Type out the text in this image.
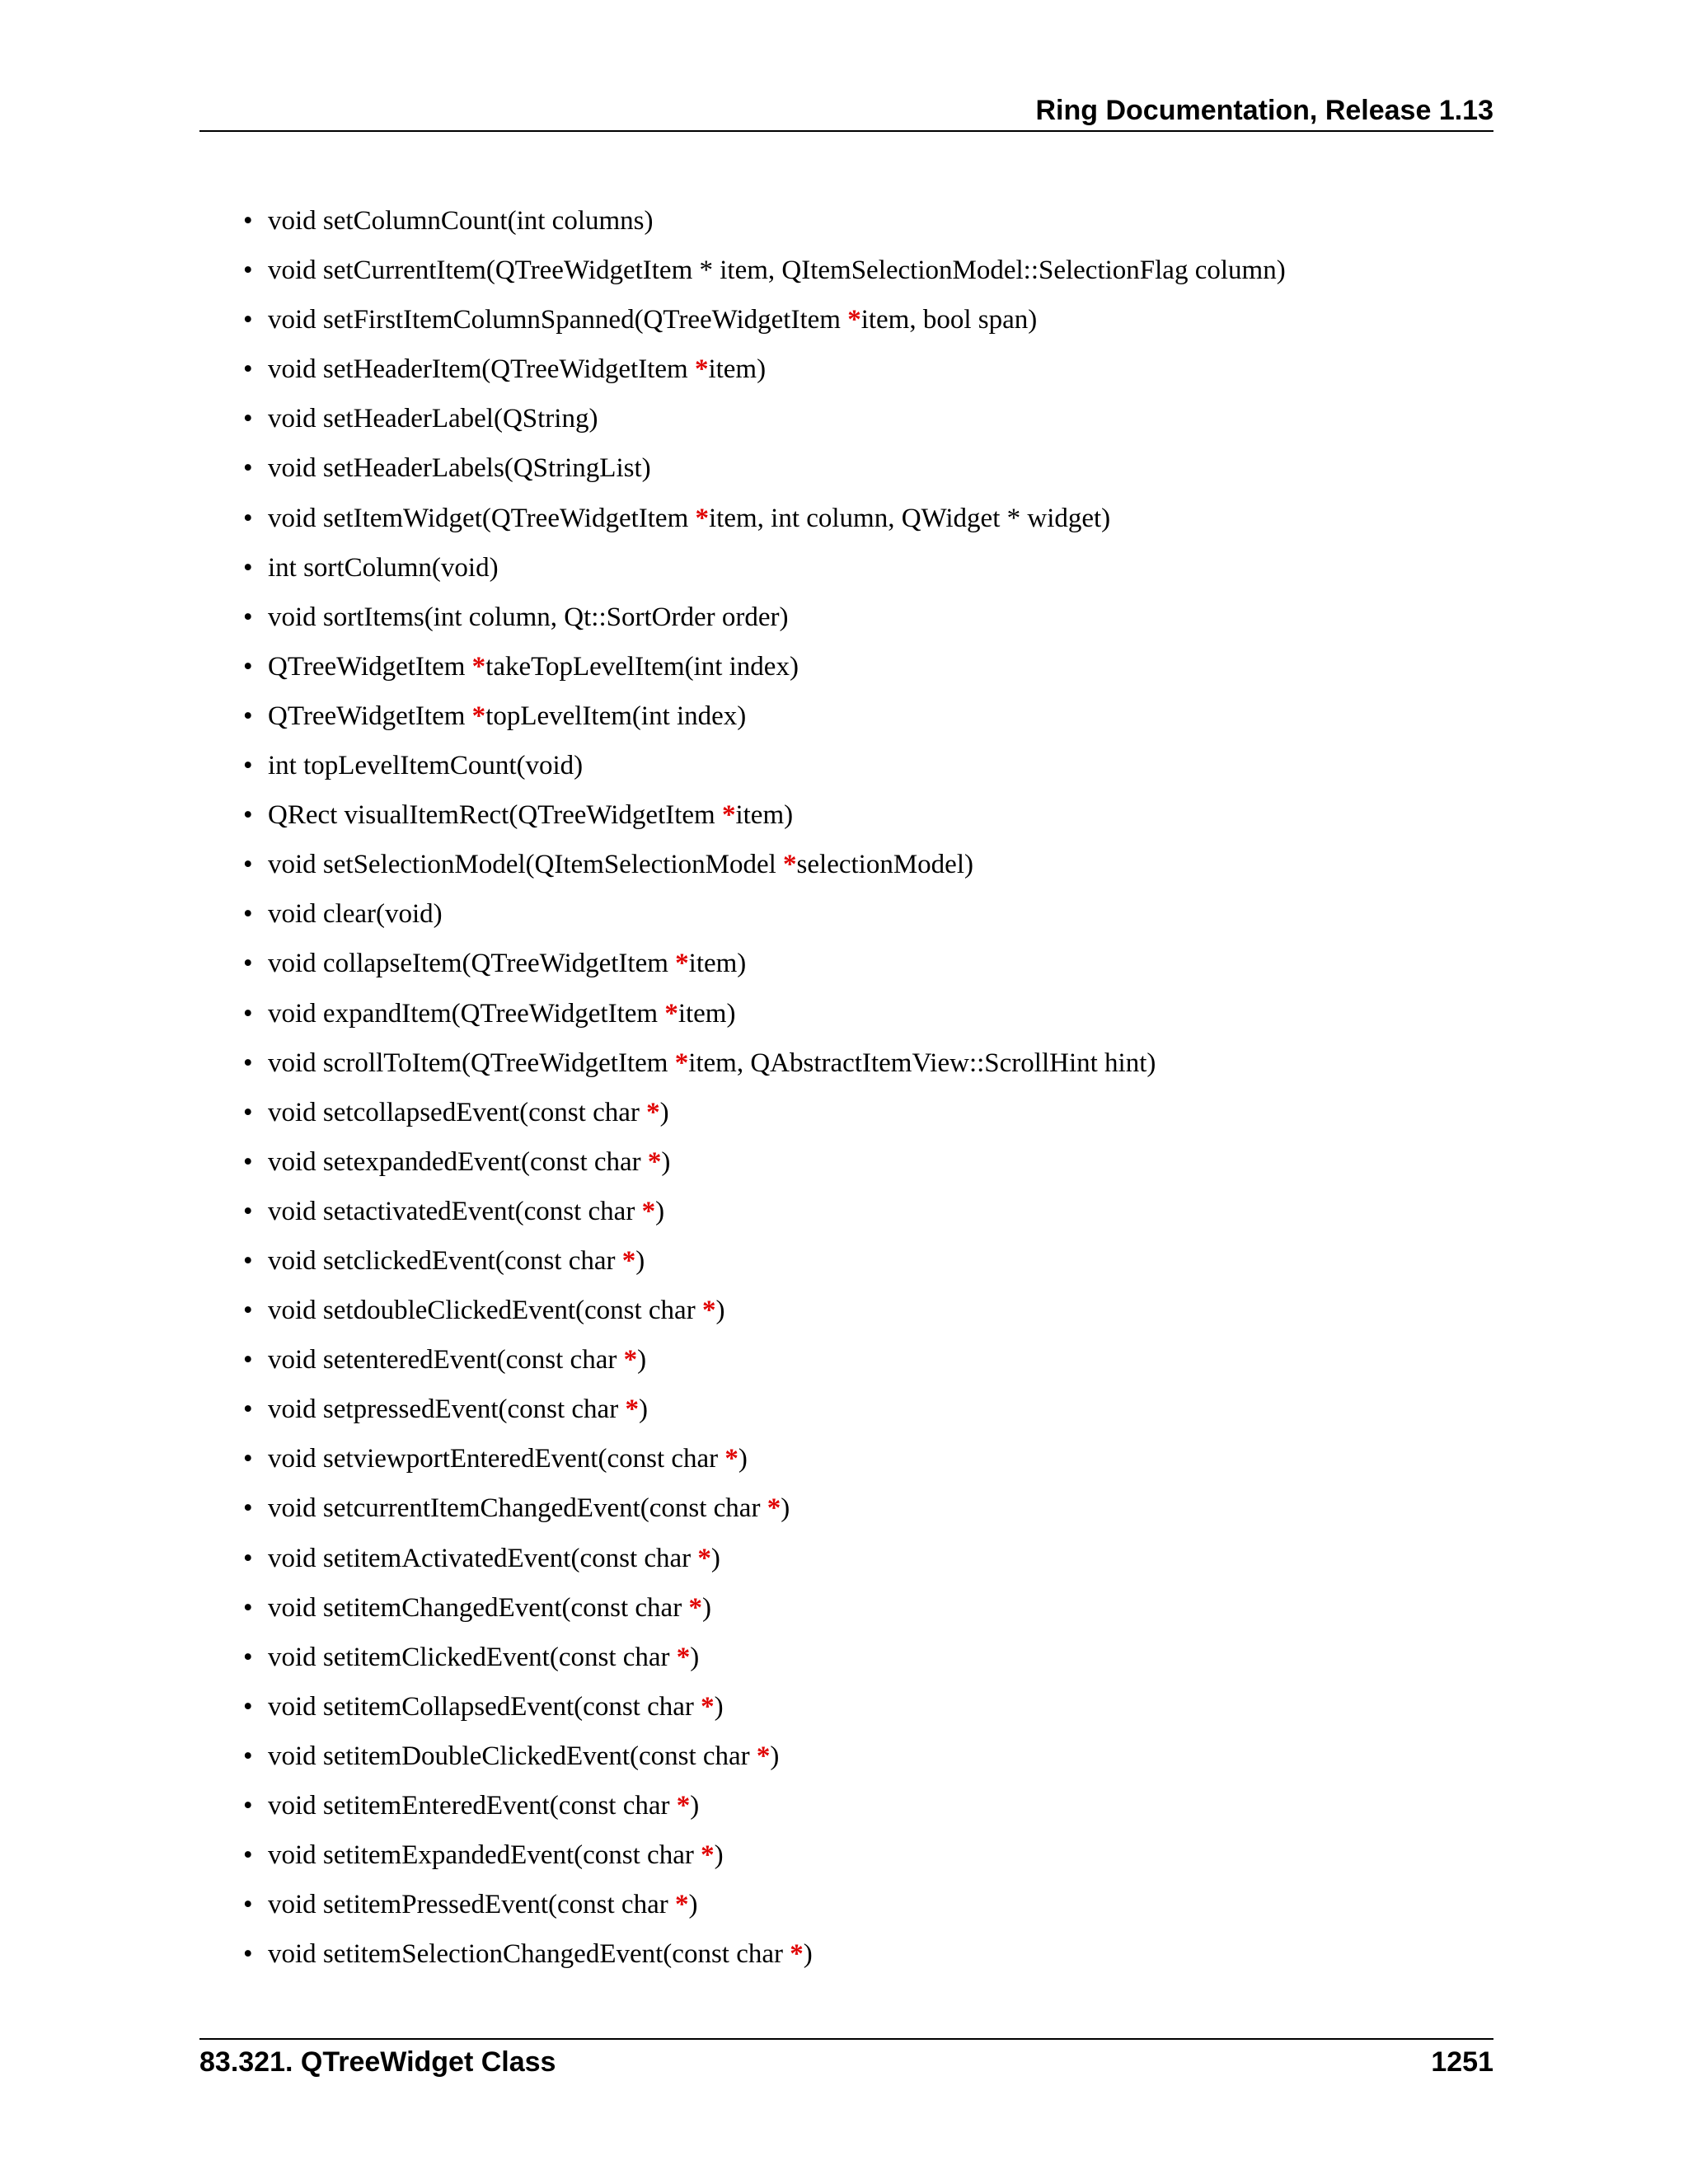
Ring Documentation, Release 1.13
• void setColumnCount(int columns)
• void setCurrentItem(QTreeWidgetItem * item, QItemSelectionModel::SelectionFlag column)
• void setFirstItemColumnSpanned(QTreeWidgetItem *item, bool span)
• void setHeaderItem(QTreeWidgetItem *item)
• void setHeaderLabel(QString)
• void setHeaderLabels(QStringList)
• void setItemWidget(QTreeWidgetItem *item, int column, QWidget * widget)
• int sortColumn(void)
• void sortItems(int column, Qt::SortOrder order)
• QTreeWidgetItem *takeTopLevelItem(int index)
• QTreeWidgetItem *topLevelItem(int index)
• int topLevelItemCount(void)
• QRect visualItemRect(QTreeWidgetItem *item)
• void setSelectionModel(QItemSelectionModel *selectionModel)
• void clear(void)
• void collapseItem(QTreeWidgetItem *item)
• void expandItem(QTreeWidgetItem *item)
• void scrollToItem(QTreeWidgetItem *item, QAbstractItemView::ScrollHint hint)
• void setcollapsedEvent(const char *)
• void setexpandedEvent(const char *)
• void setactivatedEvent(const char *)
• void setclickedEvent(const char *)
• void setdoubleClickedEvent(const char *)
• void setenteredEvent(const char *)
• void setpressedEvent(const char *)
• void setviewportEnteredEvent(const char *)
• void setcurrentItemChangedEvent(const char *)
• void setitemActivatedEvent(const char *)
• void setitemChangedEvent(const char *)
• void setitemClickedEvent(const char *)
• void setitemCollapsedEvent(const char *)
• void setitemDoubleClickedEvent(const char *)
• void setitemEnteredEvent(const char *)
• void setitemExpandedEvent(const char *)
• void setitemPressedEvent(const char *)
• void setitemSelectionChangedEvent(const char *)
83.321. QTreeWidget Class	1251
